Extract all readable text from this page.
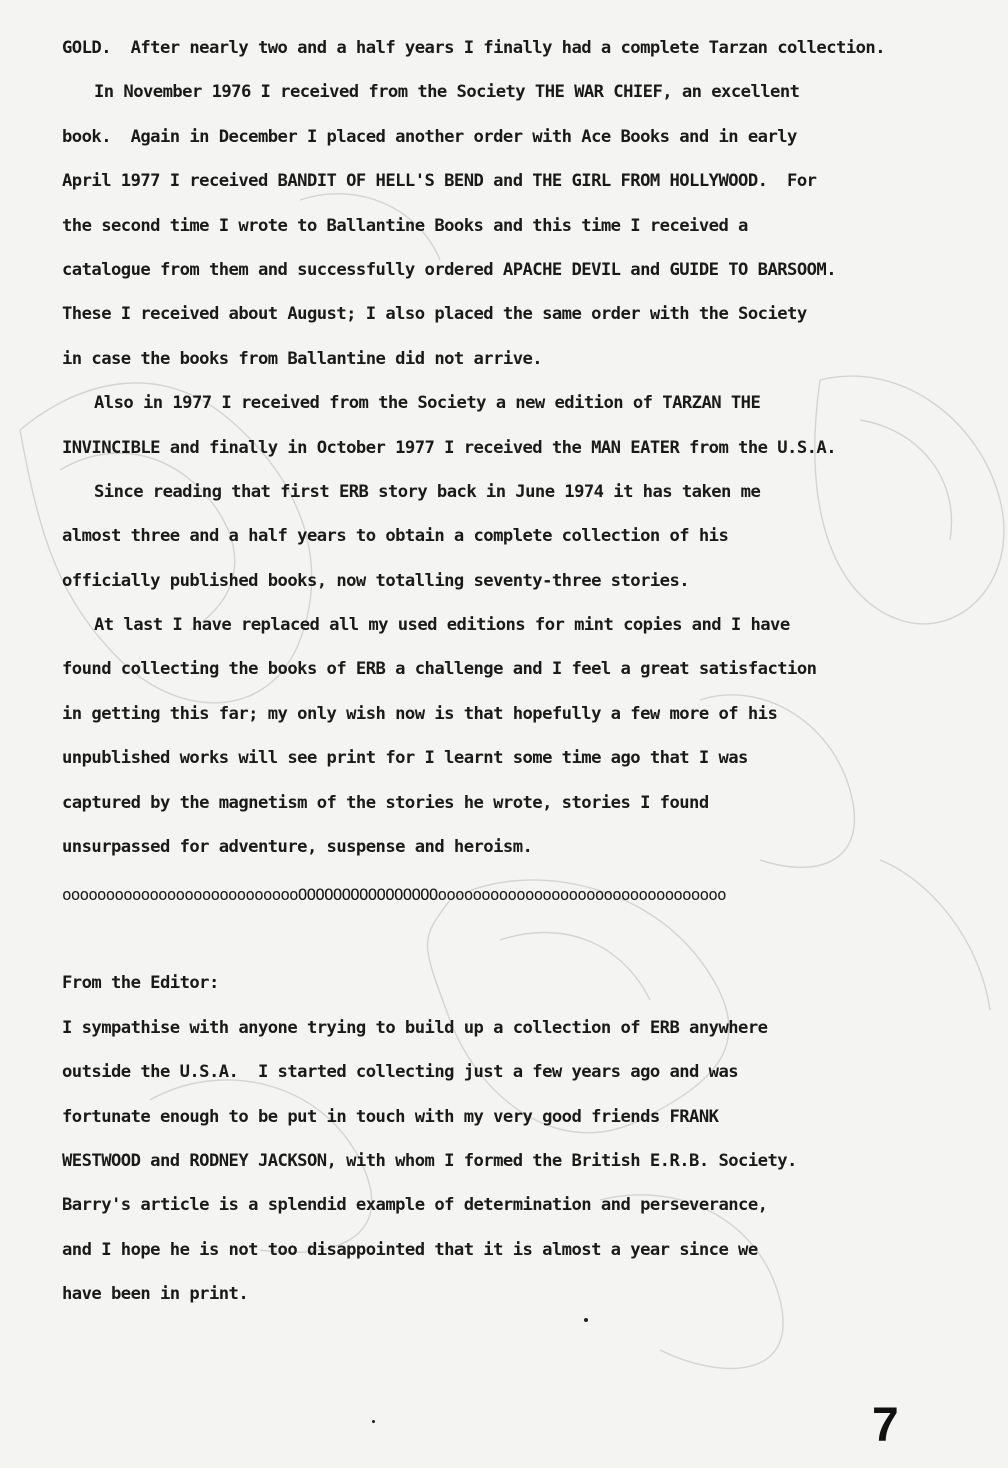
GOLD.  After nearly two and a half years I finally had a complete Tarzan collection.
In November 1976 I received from the Society THE WAR CHIEF, an excellent
book.  Again in December I placed another order with Ace Books and in early
April 1977 I received BANDIT OF HELL'S BEND and THE GIRL FROM HOLLYWOOD.  For
the second time I wrote to Ballantine Books and this time I received a
catalogue from them and successfully ordered APACHE DEVIL and GUIDE TO BARSOOM.
These I received about August; I also placed the same order with the Society
in case the books from Ballantine did not arrive.
Also in 1977 I received from the Society a new edition of TARZAN THE
INVINCIBLE and finally in October 1977 I received the MAN EATER from the U.S.A.
Since reading that first ERB story back in June 1974 it has taken me
almost three and a half years to obtain a complete collection of his
officially published books, now totalling seventy-three stories.
At last I have replaced all my used editions for mint copies and I have
found collecting the books of ERB a challenge and I feel a great satisfaction
in getting this far; my only wish now is that hopefully a few more of his
unpublished works will see print for I learnt some time ago that I was
captured by the magnetism of the stories he wrote, stories I found
unsurpassed for adventure, suspense and heroism.
oooooooooooooooooooooooooooOOOOOOOOOOOOOOOOooooooooooooooooooooooooooooooooo
From the Editor:
I sympathise with anyone trying to build up a collection of ERB anywhere
outside the U.S.A.  I started collecting just a few years ago and was
fortunate enough to be put in touch with my very good friends FRANK
WESTWOOD and RODNEY JACKSON, with whom I formed the British E.R.B. Society.
Barry's article is a splendid example of determination and perseverance,
and I hope he is not too disappointed that it is almost a year since we
have been in print.
7
